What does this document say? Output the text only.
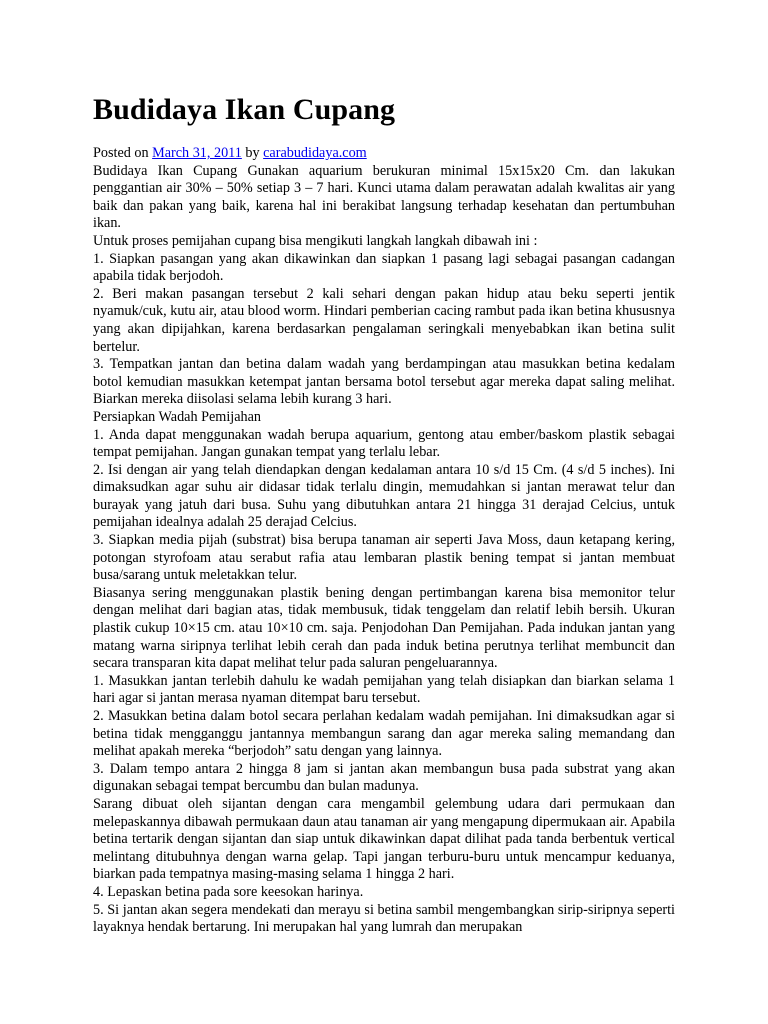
Budidaya Ikan Cupang
Posted on March 31, 2011 by carabudidaya.com

Budidaya Ikan Cupang Gunakan aquarium berukuran minimal 15x15x20 Cm. dan lakukan penggantian air 30% – 50% setiap 3 – 7 hari. Kunci utama dalam perawatan adalah kwalitas air yang baik dan pakan yang baik, karena hal ini berakibat langsung terhadap kesehatan dan pertumbuhan ikan.

Untuk proses pemijahan cupang bisa mengikuti langkah langkah dibawah ini :

1. Siapkan pasangan yang akan dikawinkan dan siapkan 1 pasang lagi sebagai pasangan cadangan apabila tidak berjodoh.

2. Beri makan pasangan tersebut 2 kali sehari dengan pakan hidup atau beku seperti jentik nyamuk/cuk, kutu air, atau blood worm. Hindari pemberian cacing rambut pada ikan betina khususnya yang akan dipijahkan, karena berdasarkan pengalaman seringkali menyebabkan ikan betina sulit bertelur.

3. Tempatkan jantan dan betina dalam wadah yang berdampingan atau masukkan betina kedalam botol kemudian masukkan ketempat jantan bersama botol tersebut agar mereka dapat saling melihat. Biarkan mereka diisolasi selama lebih kurang 3 hari.

Persiapkan Wadah Pemijahan

1. Anda dapat menggunakan wadah berupa aquarium, gentong atau ember/baskom plastik sebagai tempat pemijahan. Jangan gunakan tempat yang terlalu lebar.

2. Isi dengan air yang telah diendapkan dengan kedalaman antara 10 s/d 15 Cm. (4 s/d 5 inches). Ini dimaksudkan agar suhu air didasar tidak terlalu dingin, memudahkan si jantan merawat telur dan burayak yang jatuh dari busa. Suhu yang dibutuhkan antara 21 hingga 31 derajad Celcius, untuk pemijahan idealnya adalah 25 derajad Celcius.

3. Siapkan media pijah (substrat) bisa berupa tanaman air seperti Java Moss, daun ketapang kering, potongan styrofoam atau serabut rafia atau lembaran plastik bening tempat si jantan membuat busa/sarang untuk meletakkan telur.

Biasanya sering menggunakan plastik bening dengan pertimbangan karena bisa memonitor telur dengan melihat dari bagian atas, tidak membusuk, tidak tenggelam dan relatif lebih bersih. Ukuran plastik cukup 10×15 cm. atau 10×10 cm. saja. Penjodohan Dan Pemijahan. Pada indukan jantan yang matang warna siripnya terlihat lebih cerah dan pada induk betina perutnya terlihat membuncit dan secara transparan kita dapat melihat telur pada saluran pengeluarannya.

1. Masukkan jantan terlebih dahulu ke wadah pemijahan yang telah disiapkan dan biarkan selama 1 hari agar si jantan merasa nyaman ditempat baru tersebut.

2. Masukkan betina dalam botol secara perlahan kedalam wadah pemijahan. Ini dimaksudkan agar si betina tidak mengganggu jantannya membangun sarang dan agar mereka saling memandang dan melihat apakah mereka “berjodoh” satu dengan yang lainnya.

3. Dalam tempo antara 2 hingga 8 jam si jantan akan membangun busa pada substrat yang akan digunakan sebagai tempat bercumbu dan bulan madunya.

Sarang dibuat oleh sijantan dengan cara mengambil gelembung udara dari permukaan dan melepaskannya dibawah permukaan daun atau tanaman air yang mengapung dipermukaan air. Apabila betina tertarik dengan sijantan dan siap untuk dikawinkan dapat dilihat pada tanda berbentuk vertical melintang ditubuhnya dengan warna gelap. Tapi jangan terburu-buru untuk mencampur keduanya, biarkan pada tempatnya masing-masing selama 1 hingga 2 hari.

4. Lepaskan betina pada sore keesokan harinya.

5. Si jantan akan segera mendekati dan merayu si betina sambil mengembangkan sirip-siripnya seperti layaknya hendak bertarung. Ini merupakan hal yang lumrah dan merupakan
